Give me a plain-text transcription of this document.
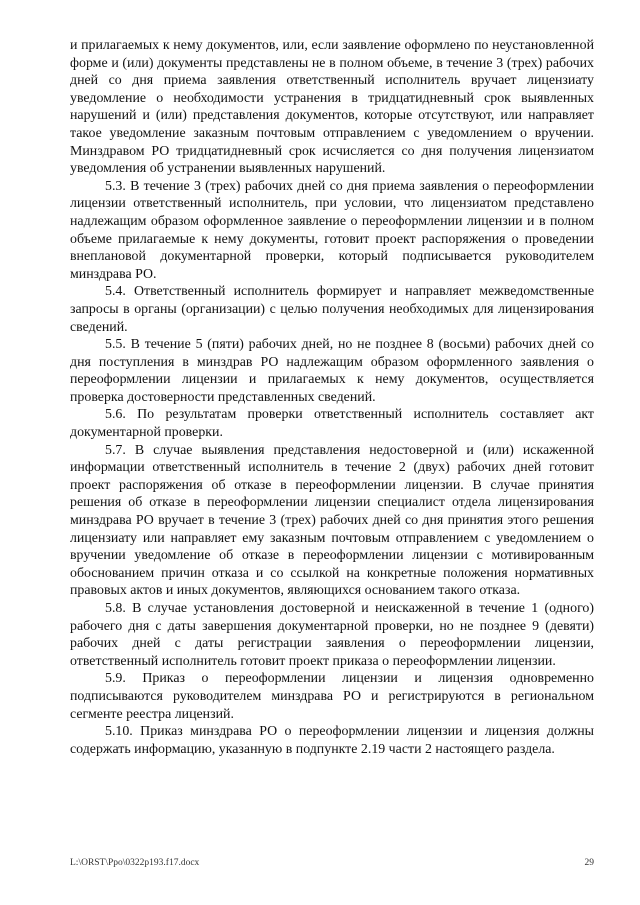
и прилагаемых к нему документов, или, если заявление оформлено по неустановленной форме и (или) документы представлены не в полном объеме, в течение 3 (трех) рабочих дней со дня приема заявления ответственный исполнитель вручает лицензиату уведомление о необходимости устранения в тридцатидневный срок выявленных нарушений и (или) представления документов, которые отсутствуют, или направляет такое уведомление заказным почтовым отправлением с уведомлением о вручении. Минздравом РО тридцатидневный срок исчисляется со дня получения лицензиатом уведомления об устранении выявленных нарушений.

5.3. В течение 3 (трех) рабочих дней со дня приема заявления о переоформлении лицензии ответственный исполнитель, при условии, что лицензиатом представлено надлежащим образом оформленное заявление о переоформлении лицензии и в полном объеме прилагаемые к нему документы, готовит проект распоряжения о проведении внеплановой документарной проверки, который подписывается руководителем минздрава РО.

5.4. Ответственный исполнитель формирует и направляет межведомственные запросы в органы (организации) с целью получения необходимых для лицензирования сведений.

5.5. В течение 5 (пяти) рабочих дней, но не позднее 8 (восьми) рабочих дней со дня поступления в минздрав РО надлежащим образом оформленного заявления о переоформлении лицензии и прилагаемых к нему документов, осуществляется проверка достоверности представленных сведений.

5.6. По результатам проверки ответственный исполнитель составляет акт документарной проверки.

5.7. В случае выявления представления недостоверной и (или) искаженной информации ответственный исполнитель в течение 2 (двух) рабочих дней готовит проект распоряжения об отказе в переоформлении лицензии. В случае принятия решения об отказе в переоформлении лицензии специалист отдела лицензирования минздрава РО вручает в течение 3 (трех) рабочих дней со дня принятия этого решения лицензиату или направляет ему заказным почтовым отправлением с уведомлением о вручении уведомление об отказе в переоформлении лицензии с мотивированным обоснованием причин отказа и со ссылкой на конкретные положения нормативных правовых актов и иных документов, являющихся основанием такого отказа.

5.8. В случае установления достоверной и неискаженной в течение 1 (одного) рабочего дня с даты завершения документарной проверки, но не позднее 9 (девяти) рабочих дней с даты регистрации заявления о переоформлении лицензии, ответственный исполнитель готовит проект приказа о переоформлении лицензии.

5.9. Приказ о переоформлении лицензии и лицензия одновременно подписываются руководителем минздрава РО и регистрируются в региональном сегменте реестра лицензий.

5.10. Приказ минздрава РО о переоформлении лицензии и лицензия должны содержать информацию, указанную в подпункте 2.19 части 2 настоящего раздела.

L:\ORST\Ppo\0322p193.f17.docx	29
